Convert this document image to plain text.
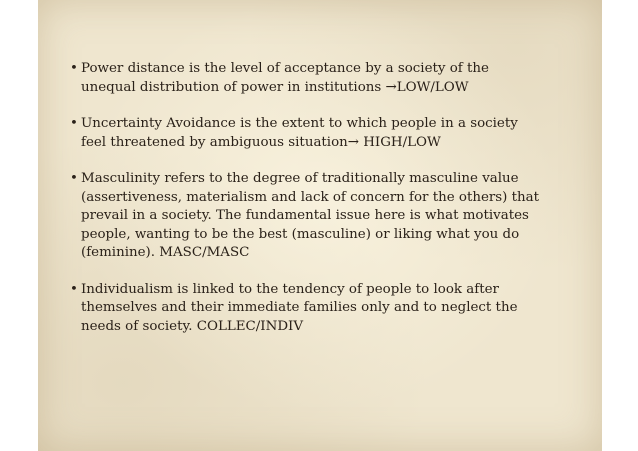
• Power distance is the level of acceptance by a society of the unequal distribution of power in institutions →LOW/LOW
• Uncertainty Avoidance is the extent to which people in a society feel threatened by ambiguous situation→ HIGH/LOW
• Masculinity refers to the degree of traditionally masculine value (assertiveness, materialism and lack of concern for the others) that prevail in a society. The fundamental issue here is what motivates people, wanting to be the best (masculine) or liking what you do (feminine). MASC/MASC
• Individualism is linked to the tendency of people to look after themselves and their immediate families only and to neglect the needs of society. COLLEC/INDIV
